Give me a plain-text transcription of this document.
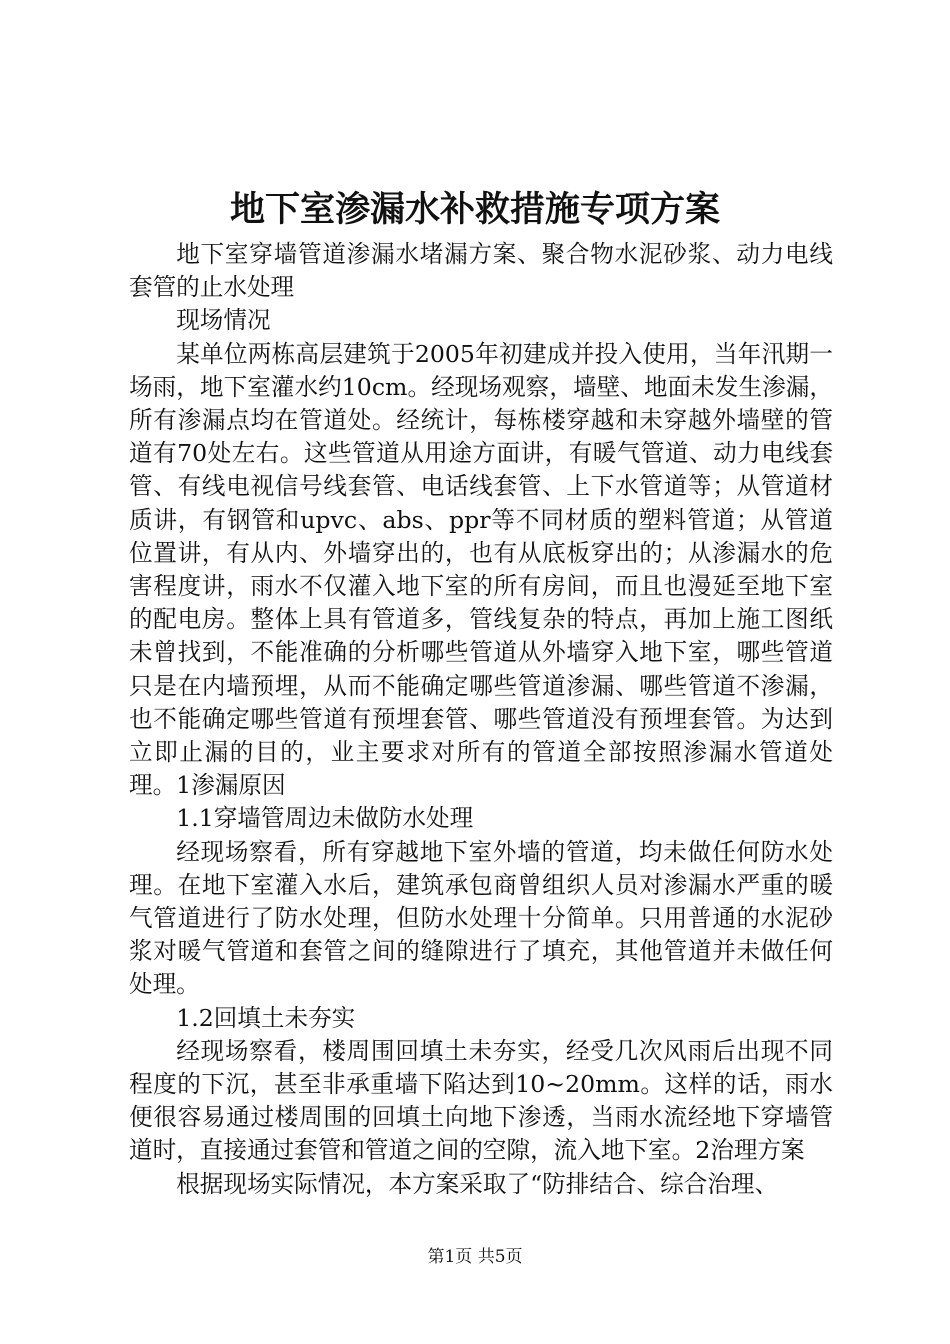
地下室渗漏水补救措施专项方案

地下室穿墙管道渗漏水堵漏方案、聚合物水泥砂浆、动力电线套管的止水处理

现场情况

某单位两栋高层建筑于2005年初建成并投入使用，当年汛期一场雨，地下室灌水约10cm。经现场观察，墙壁、地面未发生渗漏，所有渗漏点均在管道处。经统计，每栋楼穿越和未穿越外墙壁的管道有70处左右。这些管道从用途方面讲，有暖气管道、动力电线套管、有线电视信号线套管、电话线套管、上下水管道等；从管道材质讲，有钢管和upvc、abs、ppr等不同材质的塑料管道；从管道位置讲，有从内、外墙穿出的，也有从底板穿出的；从渗漏水的危害程度讲，雨水不仅灌入地下室的所有房间，而且也漫延至地下室的配电房。整体上具有管道多，管线复杂的特点，再加上施工图纸未曾找到，不能准确的分析哪些管道从外墙穿入地下室，哪些管道只是在内墙预埋，从而不能确定哪些管道渗漏、哪些管道不渗漏，也不能确定哪些管道有预埋套管、哪些管道没有预埋套管。为达到立即止漏的目的，业主要求对所有的管道全部按照渗漏水管道处理。1渗漏原因

1.1穿墙管周边未做防水处理

经现场察看，所有穿越地下室外墙的管道，均未做任何防水处理。在地下室灌入水后，建筑承包商曾组织人员对渗漏水严重的暖气管道进行了防水处理，但防水处理十分简单。只用普通的水泥砂浆对暖气管道和套管之间的缝隙进行了填充，其他管道并未做任何处理。

1.2回填土未夯实

经现场察看，楼周围回填土未夯实，经受几次风雨后出现不同程度的下沉，甚至非承重墙下陷达到10~20mm。这样的话，雨水便很容易通过楼周围的回填土向地下渗透，当雨水流经地下穿墙管道时，直接通过套管和管道之间的空隙，流入地下室。2治理方案

根据现场实际情况，本方案采取了“防排结合、综合治理、

第1页 共5页
